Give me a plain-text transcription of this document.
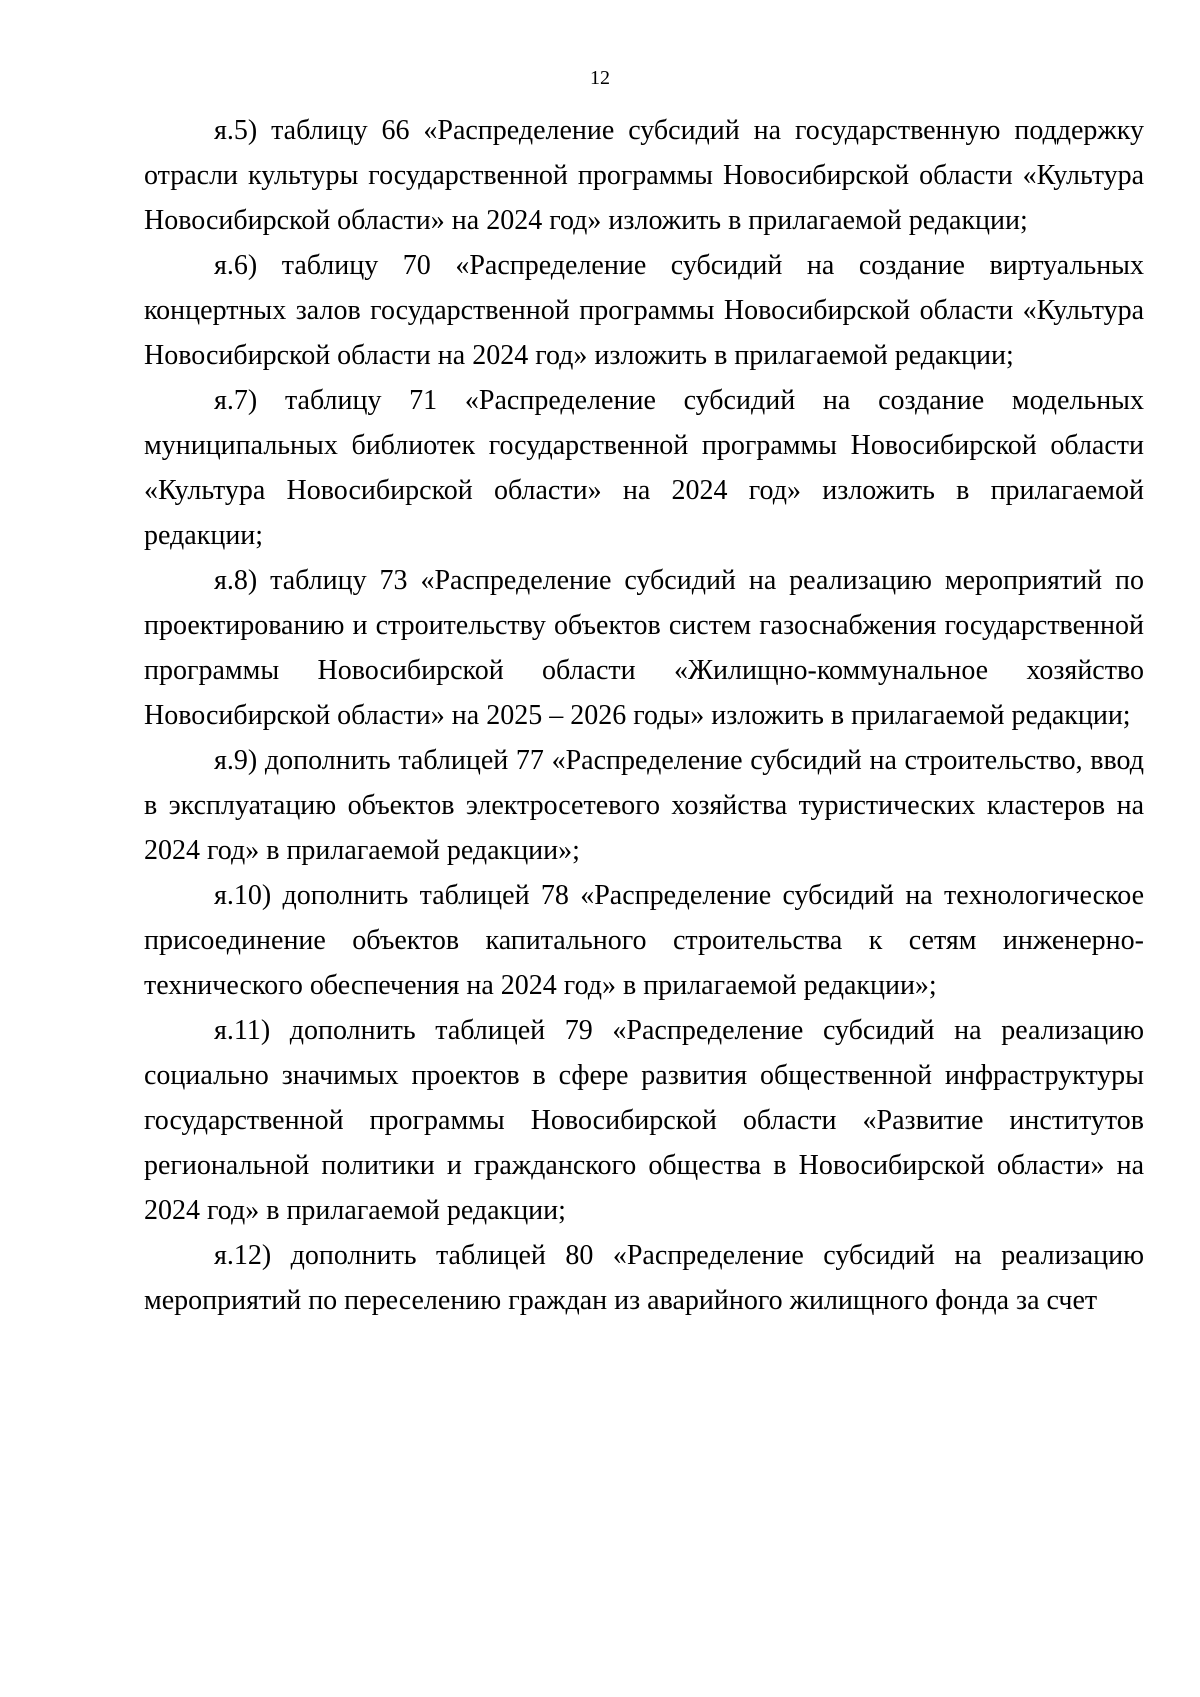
12

я.5) таблицу 66 «Распределение субсидий на государственную поддержку отрасли культуры государственной программы Новосибирской области «Культура Новосибирской области» на 2024 год» изложить в прилагаемой редакции;

я.6) таблицу 70 «Распределение субсидий на создание виртуальных концертных залов государственной программы Новосибирской области «Культура Новосибирской области на 2024 год» изложить в прилагаемой редакции;

я.7) таблицу 71 «Распределение субсидий на создание модельных муниципальных библиотек государственной программы Новосибирской области «Культура Новосибирской области» на 2024 год» изложить в прилагаемой редакции;

я.8) таблицу 73 «Распределение субсидий на реализацию мероприятий по проектированию и строительству объектов систем газоснабжения государственной программы Новосибирской области «Жилищно-коммунальное хозяйство Новосибирской области» на 2025 – 2026 годы» изложить в прилагаемой редакции;

я.9) дополнить таблицей 77 «Распределение субсидий на строительство, ввод в эксплуатацию объектов электросетевого хозяйства туристических кластеров на 2024 год» в прилагаемой редакции»;

я.10) дополнить таблицей 78 «Распределение субсидий на технологическое присоединение объектов капитального строительства к сетям инженерно-технического обеспечения на 2024 год» в прилагаемой редакции»;

я.11) дополнить таблицей 79 «Распределение субсидий на реализацию социально значимых проектов в сфере развития общественной инфраструктуры государственной программы Новосибирской области «Развитие институтов региональной политики и гражданского общества в Новосибирской области» на 2024 год» в прилагаемой редакции;

я.12) дополнить таблицей 80 «Распределение субсидий на реализацию мероприятий по переселению граждан из аварийного жилищного фонда за счет
